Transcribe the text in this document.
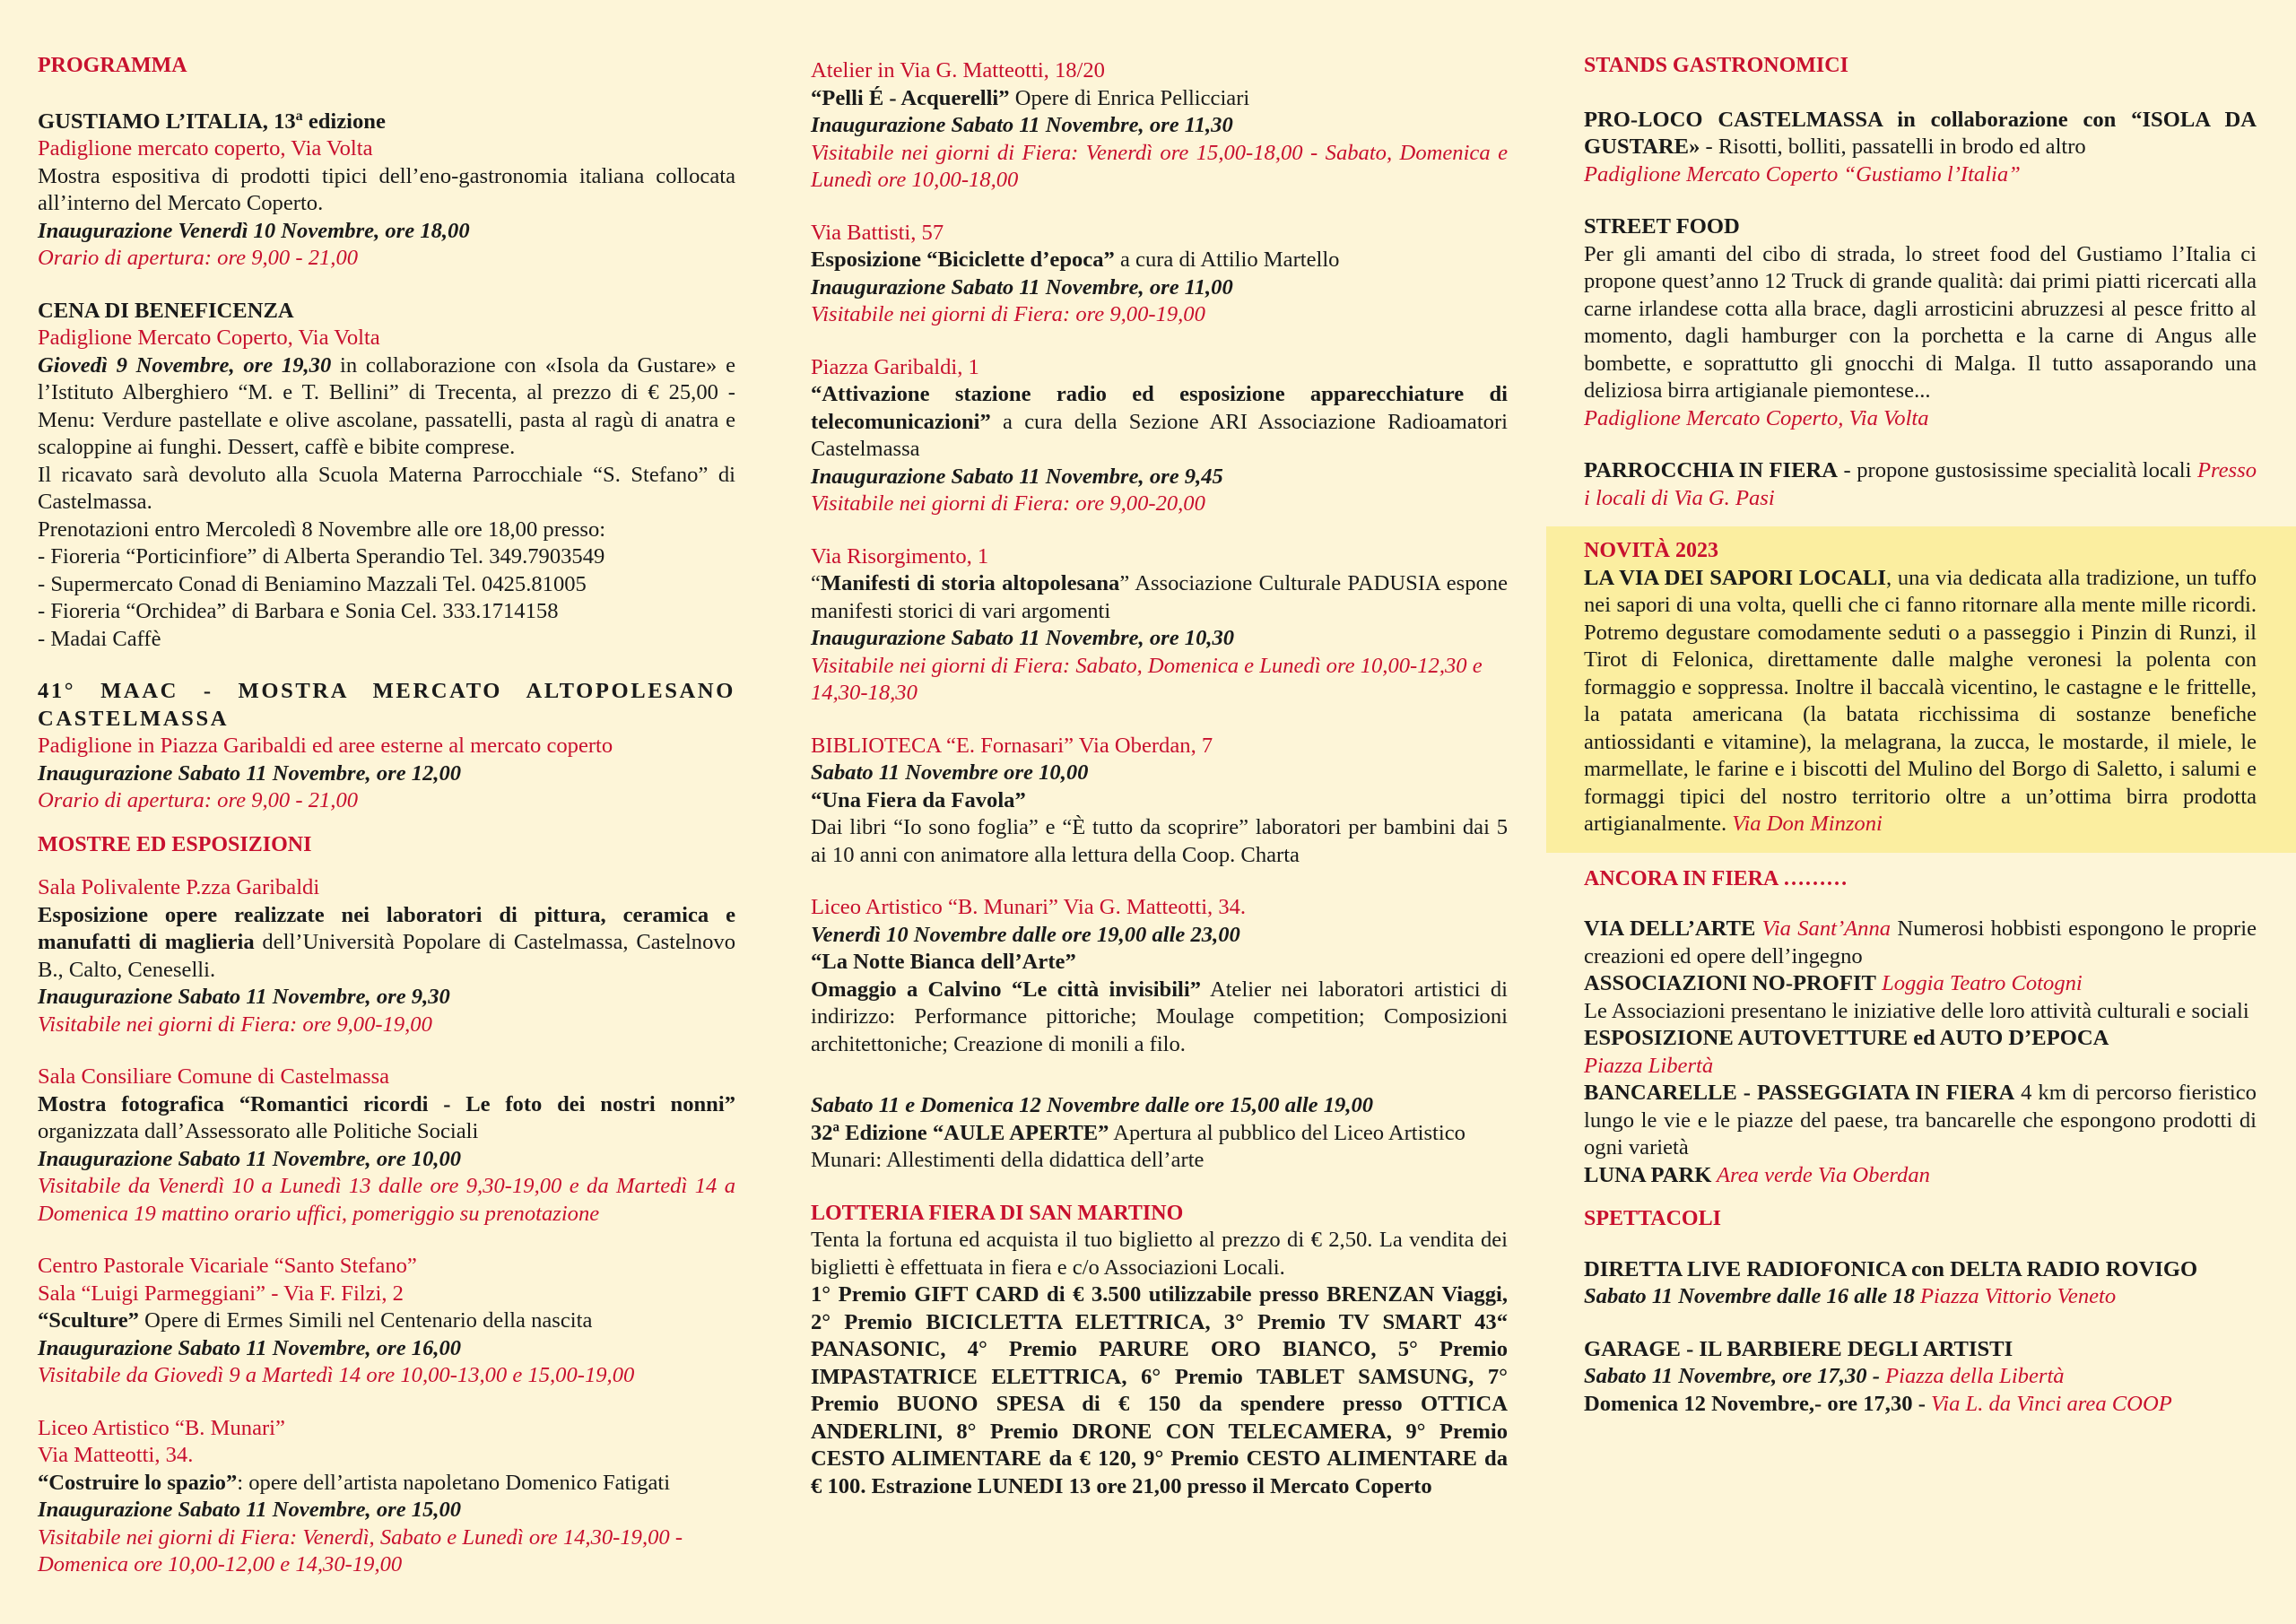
PROGRAMMA
GUSTIAMO L’ITALIA, 13$^a$ edizione
Padiglione mercato coperto, Via Volta
Mostra espositiva di prodotti tipici dell’eno-gastronomia italiana collocata all’interno del Mercato Coperto.
Inaugurazione Venerdì 10 Novembre, ore 18,00
Orario di apertura: ore 9,00 - 21,00
CENA DI BENEFICENZA
Padiglione Mercato Coperto, Via Volta
Giovedì 9 Novembre, ore 19,30 in collaborazione con «Isola da Gustare» e l’Istituto Alberghiero “M. e T. Bellini” di Trecenta, al prezzo di € 25,00 - Menu: Verdure pastellate e olive ascolane, passatelli, pasta al ragù di anatra e scaloppine ai funghi. Dessert, caffè e bibite comprese.
Il ricavato sarà devoluto alla Scuola Materna Parrocchiale “S. Stefano” di Castelmassa.
Prenotazioni entro Mercoledì 8 Novembre alle ore 18,00 presso:
- Fioreria “Porticinfiore” di Alberta Sperandio Tel. 349.7903549
- Supermercato Conad di Beniamino Mazzali Tel. 0425.81005
- Fioreria “Orchidea” di Barbara e Sonia Cel. 333.1714158
- Madai Caffè
41° MAAC - MOSTRA MERCATO ALTOPOLESANO CASTELMASSA
Padiglione in Piazza Garibaldi ed aree esterne al mercato coperto
Inaugurazione Sabato 11 Novembre, ore 12,00
Orario di apertura: ore 9,00 - 21,00
MOSTRE ED ESPOSIZIONI
Sala Polivalente P.zza Garibaldi
Esposizione opere realizzate nei laboratori di pittura, ceramica e manufatti di maglieria dell’Università Popolare di Castelmassa, Castelnovo B., Calto, Ceneselli.
Inaugurazione Sabato 11 Novembre, ore 9,30
Visitabile nei giorni di Fiera: ore 9,00-19,00
Sala Consiliare Comune di Castelmassa
Mostra fotografica “Romantici ricordi - Le foto dei nostri nonni” organizzata dall’Assessorato alle Politiche Sociali
Inaugurazione Sabato 11 Novembre, ore 10,00
Visitabile da Venerdì 10 a Lunedì 13 dalle ore 9,30-19,00 e da Martedì 14 a Domenica 19 mattino orario uffici, pomeriggio su prenotazione
Centro Pastorale Vicariale “Santo Stefano”
Sala “Luigi Parmeggiani” - Via F. Filzi, 2
“Sculture” Opere di Ermes Simili nel Centenario della nascita
Inaugurazione Sabato 11 Novembre, ore 16,00
Visitabile da Giovedì 9 a Martedì 14 ore 10,00-13,00 e 15,00-19,00
Liceo Artistico “B. Munari”
Via Matteotti, 34.
“Costruire lo spazio”: opere dell’artista napoletano Domenico Fatigati
Inaugurazione Sabato 11 Novembre, ore 15,00
Visitabile nei giorni di Fiera: Venerdì, Sabato e Lunedì ore 14,30-19,00 - Domenica ore 10,00-12,00 e 14,30-19,00
Atelier in Via G. Matteotti, 18/20
“Pelli É - Acquerelli” Opere di Enrica Pellicciari
Inaugurazione Sabato 11 Novembre, ore 11,30
Visitabile nei giorni di Fiera: Venerdì ore 15,00-18,00 - Sabato, Domenica e Lunedì ore 10,00-18,00
Via Battisti, 57
Esposizione “Biciclette d’epoca” a cura di Attilio Martello
Inaugurazione Sabato 11 Novembre, ore 11,00
Visitabile nei giorni di Fiera: ore 9,00-19,00
Piazza Garibaldi, 1
“Attivazione stazione radio ed esposizione apparecchiature di telecomunicazioni” a cura della Sezione ARI Associazione Radioamatori Castelmassa
Inaugurazione Sabato 11 Novembre, ore 9,45
Visitabile nei giorni di Fiera: ore 9,00-20,00
Via Risorgimento, 1
“Manifesti di storia altopolesana” Associazione Culturale PADUSIA espone manifesti storici di vari argomenti
Inaugurazione Sabato 11 Novembre, ore 10,30
Visitabile nei giorni di Fiera: Sabato, Domenica e Lunedì ore 10,00-12,30 e 14,30-18,30
BIBLIOTECA “E. Fornasari” Via Oberdan, 7
Sabato 11 Novembre ore 10,00
“Una Fiera da Favola”
Dai libri “Io sono foglia” e “È tutto da scoprire” laboratori per bambini dai 5 ai 10 anni con animatore alla lettura della Coop. Charta
Liceo Artistico “B. Munari” Via G. Matteotti, 34.
Venerdì 10 Novembre dalle ore 19,00 alle 23,00
“La Notte Bianca dell’Arte”
Omaggio a Calvino “Le città invisibili” Atelier nei laboratori artistici di indirizzo: Performance pittoriche; Moulage competition; Composizioni architettoniche; Creazione di monili a filo.
Sabato 11 e Domenica 12 Novembre dalle ore 15,00 alle 19,00
32ª Edizione “AULE APERTE” Apertura al pubblico del Liceo Artistico Munari: Allestimenti della didattica dell’arte
LOTTERIA FIERA DI SAN MARTINO
Tenta la fortuna ed acquista il tuo biglietto al prezzo di € 2,50. La vendita dei biglietti è effettuata in fiera e c/o Associazioni Locali.
1° Premio GIFT CARD di € 3.500 utilizzabile presso BRENZAN Viaggi, 2° Premio BICICLETTA ELETTRICA, 3° Premio TV SMART 43“ PANASONIC, 4° Premio PARURE ORO BIANCO, 5° Premio IMPASTATRICE ELETTRICA, 6° Premio TABLET SAMSUNG, 7° Premio BUONO SPESA di € 150 da spendere presso OTTICA ANDERLINI, 8° Premio DRONE CON TELECAMERA, 9° Premio CESTO ALIMENTARE da € 120, 9° Premio CESTO ALIMENTARE da € 100. Estrazione LUNEDI 13 ore 21,00 presso il Mercato Coperto
STANDS GASTRONOMICI
PRO-LOCO CASTELMASSA in collaborazione con “ISOLA DA GUSTARE» - Risotti, bolliti, passatelli in brodo ed altro
Padiglione Mercato Coperto “Gustiamo l’Italia”
STREET FOOD
Per gli amanti del cibo di strada, lo street food del Gustiamo l’Italia ci propone quest’anno 12 Truck di grande qualità: dai primi piatti ricercati alla carne irlandese cotta alla brace, dagli arrosticini abruzzesi al pesce fritto al momento, dagli hamburger con la porchetta e la carne di Angus alle bombette, e soprattutto gli gnocchi di Malga. Il tutto assaporando una deliziosa birra artigianale piemontese...
Padiglione Mercato Coperto, Via Volta
PARROCCHIA IN FIERA - propone gustosissime specialità locali Presso i locali di Via G. Pasi
NOVITÀ 2023
LA VIA DEI SAPORI LOCALI, una via dedicata alla tradizione, un tuffo nei sapori di una volta, quelli che ci fanno ritornare alla mente mille ricordi. Potremo degustare comodamente seduti o a passeggio i Pinzin di Runzi, il Tirot di Felonica, direttamente dalle malghe veronesi la polenta con formaggio e soppressa. Inoltre il baccalà vicentino, le castagne e le frittelle, la patata americana (la batata ricchissima di sostanze benefiche antiossidanti e vitamine), la melagrana, la zucca, le mostarde, il miele, le marmellate, le farine e i biscotti del Mulino del Borgo di Saletto, i salumi e formaggi tipici del nostro territorio oltre a un’ottima birra prodotta artigianalmente. Via Don Minzoni
ANCORA IN FIERA ………
VIA DELL’ARTE Via Sant’Anna Numerosi hobbisti espongono le proprie creazioni ed opere dell’ingegno
ASSOCIAZIONI NO-PROFIT Loggia Teatro Cotogni
Le Associazioni presentano le iniziative delle loro attività culturali e sociali
ESPOSIZIONE AUTOVETTURE ed AUTO D’EPOCA
Piazza Libertà
BANCARELLE - PASSEGGIATA IN FIERA 4 km di percorso fieristico lungo le vie e le piazze del paese, tra bancarelle che espongono prodotti di ogni varietà
LUNA PARK Area verde Via Oberdan
SPETTACOLI
DIRETTA LIVE RADIOFONICA con DELTA RADIO ROVIGO
Sabato 11 Novembre dalle 16 alle 18 Piazza Vittorio Veneto
GARAGE - IL BARBIERE DEGLI ARTISTI
Sabato 11 Novembre, ore 17,30 - Piazza della Libertà
Domenica 12 Novembre,- ore 17,30 - Via L. da Vinci area COOP
